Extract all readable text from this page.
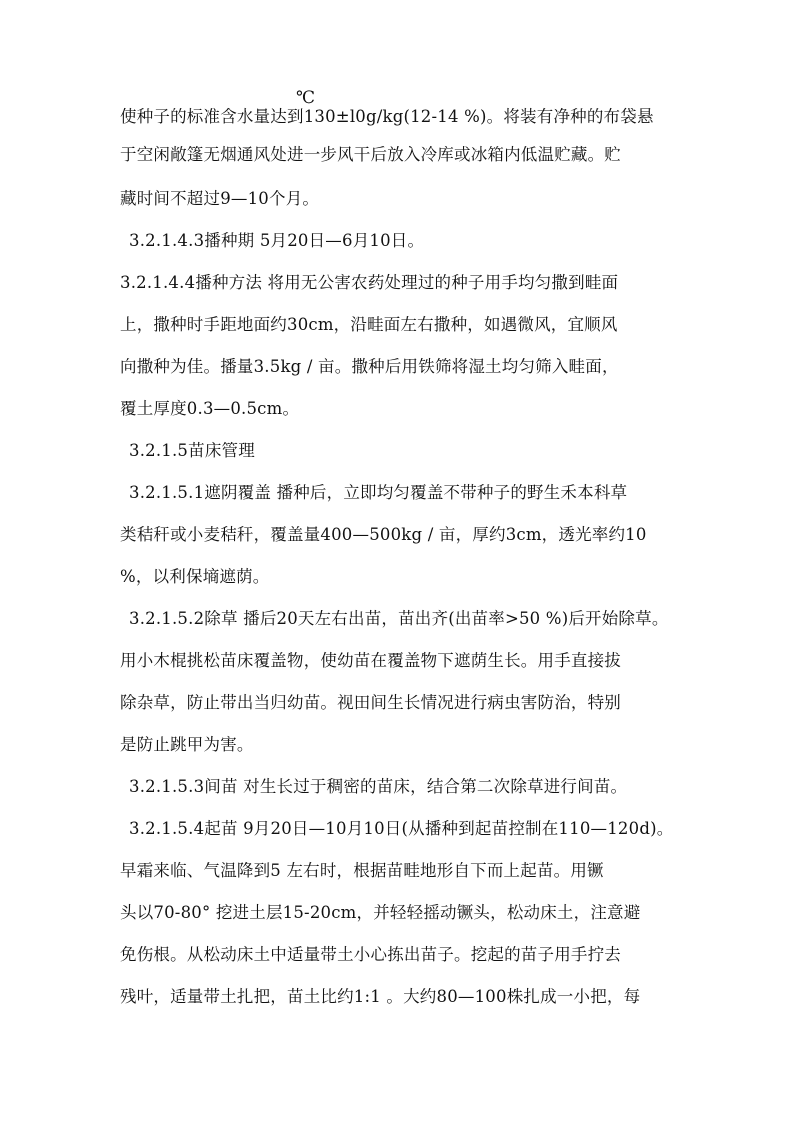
℃
使种子的标准含水量达到130±l0g/kg(12-14 %)。将装有净种的布袋悬
于空闲敞篷无烟通风处进一步风干后放入冷库或冰箱内低温贮藏。贮
藏时间不超过9—10个月。
3.2.1.4.3播种期 5月20日—6月10日。
3.2.1.4.4播种方法 将用无公害农药处理过的种子用手均匀撒到畦面
上，撒种时手距地面约30cm，沿畦面左右撒种，如遇微风，宜顺风
向撒种为佳。播量3.5kg / 亩。撒种后用铁筛将湿土均匀筛入畦面，
覆土厚度0.3—0.5cm。
3.2.1.5苗床管理
3.2.1.5.1遮阴覆盖 播种后，立即均匀覆盖不带种子的野生禾本科草
类秸秆或小麦秸秆，覆盖量400—500kg / 亩，厚约3cm，透光率约10
%，以利保墒遮荫。
3.2.1.5.2除草 播后20天左右出苗，苗出齐(出苗率>50 %)后开始除草。
用小木棍挑松苗床覆盖物，使幼苗在覆盖物下遮荫生长。用手直接拔
除杂草，防止带出当归幼苗。视田间生长情况进行病虫害防治，特别
是防止跳甲为害。
3.2.1.5.3间苗 对生长过于稠密的苗床，结合第二次除草进行间苗。
3.2.1.5.4起苗 9月20日—10月10日(从播种到起苗控制在110—120d)。
早霜来临、气温降到5 左右时，根据苗畦地形自下而上起苗。用镢
头以70-80° 挖进土层15-20cm，并轻轻摇动镢头，松动床土，注意避
免伤根。从松动床土中适量带土小心拣出苗子。挖起的苗子用手拧去
残叶，适量带土扎把，苗土比约1:1 。大约80—100株扎成一小把，每
